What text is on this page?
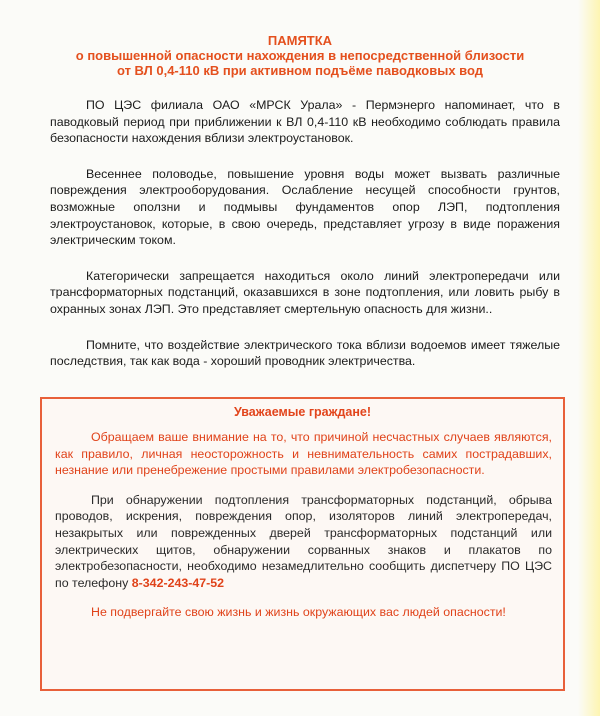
ПАМЯТКА
о повышенной опасности нахождения в непосредственной близости
от ВЛ 0,4-110 кВ при активном подъёме паводковых вод

ПО ЦЭС филиала ОАО «МРСК Урала» - Пермэнерго напоминает, что в паводковый период при приближении к ВЛ 0,4-110 кВ необходимо соблюдать правила безопасности нахождения вблизи электроустановок.

Весеннее половодье, повышение уровня воды может вызвать различные повреждения электрооборудования. Ослабление несущей способности грунтов, возможные оползни и подмывы фундаментов опор ЛЭП, подтопления электроустановок, которые, в свою очередь, представляет угрозу в виде поражения электрическим током.

Категорически запрещается находиться около линий электропередачи или трансформаторных подстанций, оказавшихся в зоне подтопления, или ловить рыбу в охранных зонах ЛЭП. Это представляет смертельную опасность для жизни..

Помните, что воздействие электрического тока вблизи водоемов имеет тяжелые последствия, так как вода - хороший проводник электричества.

Уважаемые граждане!

Обращаем ваше внимание на то, что причиной несчастных случаев являются, как правило, личная неосторожность и невнимательность самих пострадавших, незнание или пренебрежение простыми правилами электробезопасности.

При обнаружении подтопления трансформаторных подстанций, обрыва проводов, искрения, повреждения опор, изоляторов линий электропередач, незакрытых или поврежденных дверей трансформаторных подстанций или электрических щитов, обнаружении сорванных знаков и плакатов по электробезопасности, необходимо незамедлительно сообщить диспетчеру ПО ЦЭС по телефону 8-342-243-47-52

Не подвергайте свою жизнь и жизнь окружающих вас людей опасности!
